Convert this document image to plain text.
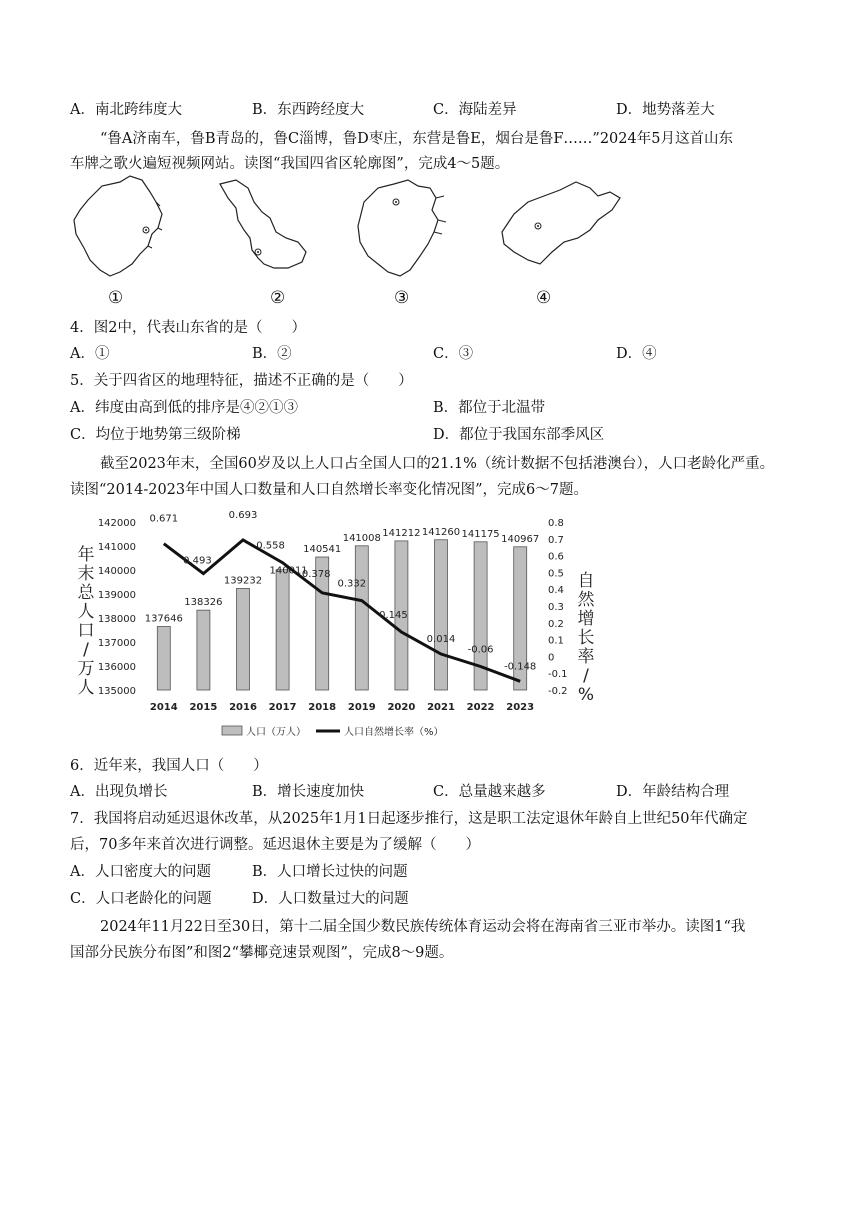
A．南北跨纬度大	B．东西跨经度大	C．海陆差异	D．地势落差大
“鲁A济南车，鲁B青岛的，鲁C淄博，鲁D枣庄，东营是鲁E，烟台是鲁F……”2024年5月这首山东
车牌之歌火遍短视频网站。读图“我国四省区轮廓图”，完成4～5题。
①	②	③	④
4．图2中，代表山东省的是（　　）
A．①	B．②	C．③	D．④
5．关于四省区的地理特征，描述不正确的是（　　）
A．纬度由高到低的排序是④②①③	B．都位于北温带
C．均位于地势第三级阶梯	D．都位于我国东部季风区
截至2023年末，全国60岁及以上人口占全国人口的21.1%（统计数据不包括港澳台），人口老龄化严重。
读图“2014-2023年中国人口数量和人口自然增长率变化情况图”，完成6～7题。
年
末
总
人
口
/
万
人
自
然
增
长
率
/
%
142000
141000
140000
139000
138000
137000
136000
135000
0.8
0.7
0.6
0.5
0.4
0.3
0.2
0.1
0
-0.1
-0.2
137646
138326
139232
140011
140541
141008 141212 141260 141175 140967
0.671
0.493
0.693
0.558
0.378
0.332
0.145
0.014
-0.06
-0.148
2014 2015 2016 2017 2018 2019 2020 2021 2022 2023
人口（万人）	人口自然增长率（%）
6．近年来，我国人口（　　）
A．出现负增长	B．增长速度加快	C．总量越来越多	D．年龄结构合理
7．我国将启动延迟退休改革，从2025年1月1日起逐步推行，这是职工法定退休年龄自上世纪50年代确定
后，70多年来首次进行调整。延迟退休主要是为了缓解（　　）
A．人口密度大的问题	B．人口增长过快的问题
C．人口老龄化的问题	D．人口数量过大的问题
2024年11月22日至30日，第十二届全国少数民族传统体育运动会将在海南省三亚市举办。读图1“我
国部分民族分布图”和图2“攀椰竞速景观图”，完成8～9题。
